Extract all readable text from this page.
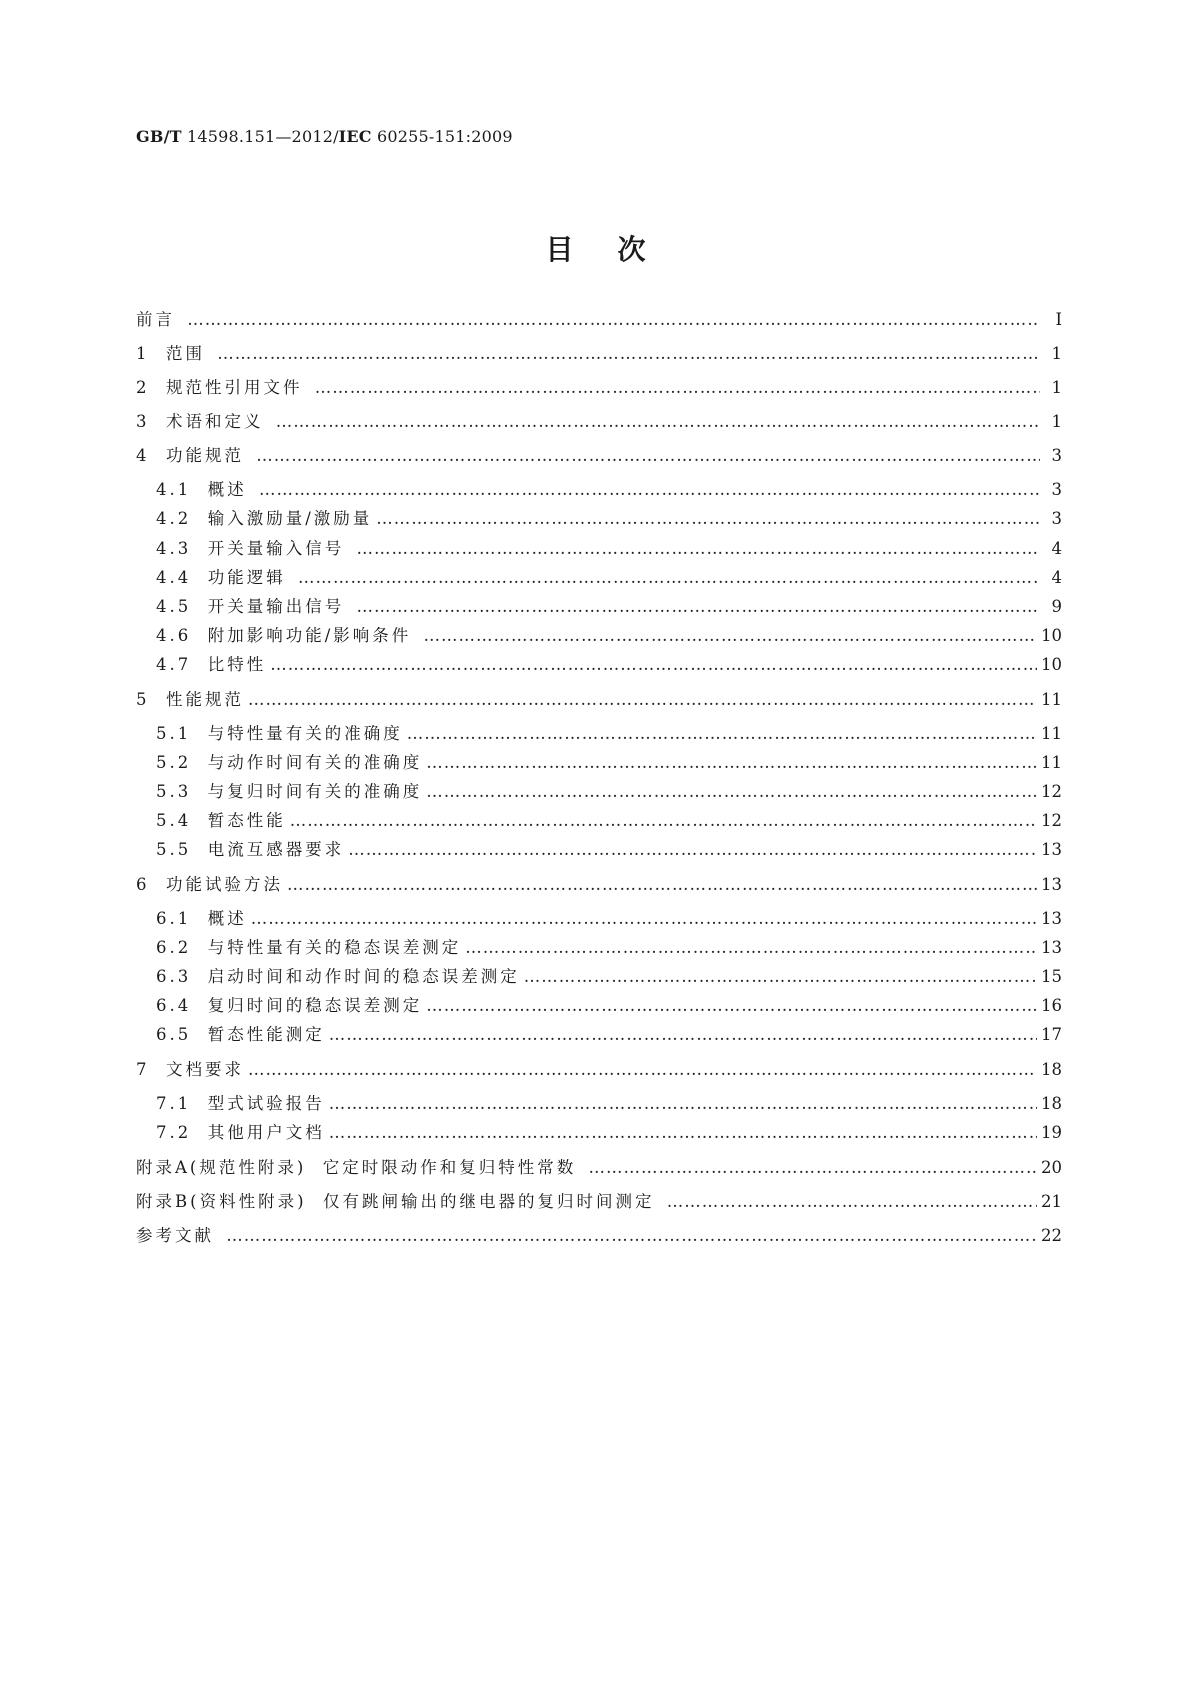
GB/T 14598.151—2012/IEC 60255-151:2009
目次
前言 …………………………………………………………………………………………………………………………………………………………………………………………………	Ⅰ
1 范围 …………………………………………………………………………………………………………………………………………………………………………………………………	1
2 规范性引用文件 …………………………………………………………………………………………………………………………………………………………………………………………………	1
3 术语和定义 …………………………………………………………………………………………………………………………………………………………………………………………………	1
4 功能规范 …………………………………………………………………………………………………………………………………………………………………………………………………	3
4.1 概述 …………………………………………………………………………………………………………………………………………………………………………………………………	3
4.2 输入激励量/激励量 …………………………………………………………………………………………………………………………………………………………………………………………………	3
4.3 开关量输入信号 …………………………………………………………………………………………………………………………………………………………………………………………………	4
4.4 功能逻辑 …………………………………………………………………………………………………………………………………………………………………………………………………	4
4.5 开关量输出信号 …………………………………………………………………………………………………………………………………………………………………………………………………	9
4.6 附加影响功能/影响条件 …………………………………………………………………………………………………………………………………………………………………………………………………	10
4.7 比特性 …………………………………………………………………………………………………………………………………………………………………………………………………	10
5 性能规范 …………………………………………………………………………………………………………………………………………………………………………………………………	11
5.1 与特性量有关的准确度 …………………………………………………………………………………………………………………………………………………………………………………………………	11
5.2 与动作时间有关的准确度 …………………………………………………………………………………………………………………………………………………………………………………………………	11
5.3 与复归时间有关的准确度 …………………………………………………………………………………………………………………………………………………………………………………………………	12
5.4 暂态性能 …………………………………………………………………………………………………………………………………………………………………………………………………	12
5.5 电流互感器要求 …………………………………………………………………………………………………………………………………………………………………………………………………	13
6 功能试验方法 …………………………………………………………………………………………………………………………………………………………………………………………………	13
6.1 概述 …………………………………………………………………………………………………………………………………………………………………………………………………	13
6.2 与特性量有关的稳态误差测定 …………………………………………………………………………………………………………………………………………………………………………………………………	13
6.3 启动时间和动作时间的稳态误差测定 …………………………………………………………………………………………………………………………………………………………………………………………………	15
6.4 复归时间的稳态误差测定 …………………………………………………………………………………………………………………………………………………………………………………………………	16
6.5 暂态性能测定 …………………………………………………………………………………………………………………………………………………………………………………………………	17
7 文档要求 …………………………………………………………………………………………………………………………………………………………………………………………………	18
7.1 型式试验报告 …………………………………………………………………………………………………………………………………………………………………………………………………	18
7.2 其他用户文档 …………………………………………………………………………………………………………………………………………………………………………………………………	19
附录A(规范性附录)  它定时限动作和复归特性常数 …………………………………………………………………………………………………………………………………………………………………………………………………	20
附录B(资料性附录)  仅有跳闸输出的继电器的复归时间测定 …………………………………………………………………………………………………………………………………………………………………………………………………	21
参考文献 …………………………………………………………………………………………………………………………………………………………………………………………………	22
